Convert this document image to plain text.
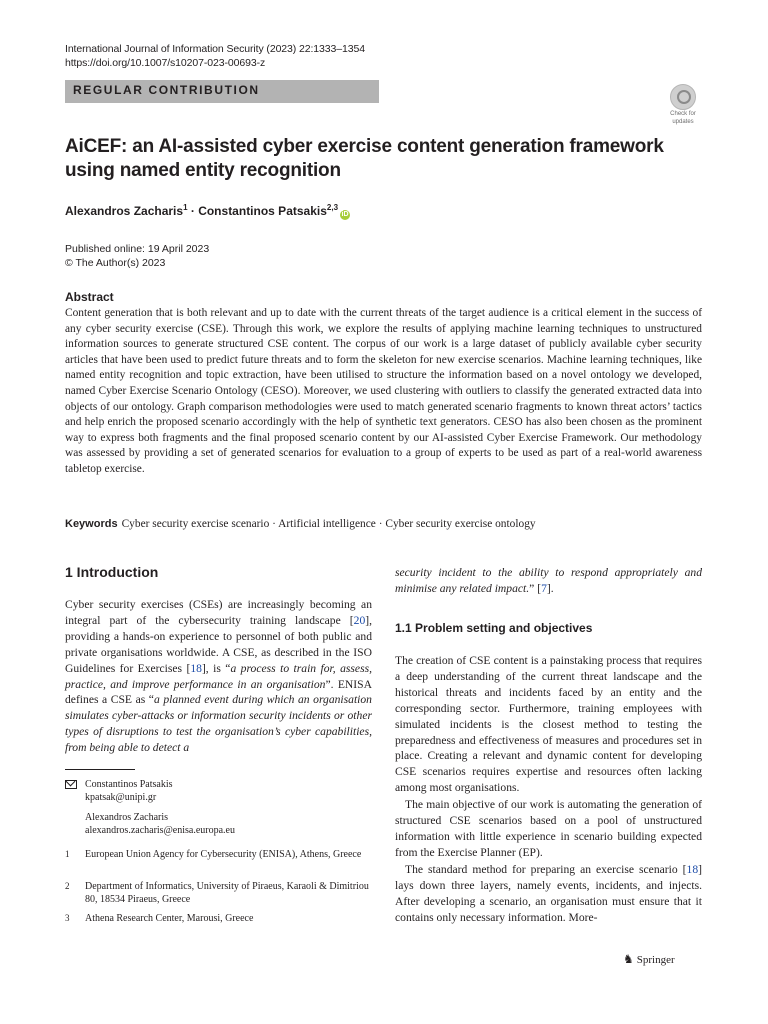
International Journal of Information Security (2023) 22:1333–1354
https://doi.org/10.1007/s10207-023-00693-z
REGULAR CONTRIBUTION
Check for
updates
AiCEF: an AI-assisted cyber exercise content generation framework using named entity recognition
Alexandros Zacharis$^1$ · Constantinos Patsakis$^{2,3}$iD
Published online: 19 April 2023
© The Author(s) 2023
Abstract
Content generation that is both relevant and up to date with the current threats of the target audience is a critical element in the success of any cyber security exercise (CSE). Through this work, we explore the results of applying machine learning techniques to unstructured information sources to generate structured CSE content. The corpus of our work is a large dataset of publicly available cyber security articles that have been used to predict future threats and to form the skeleton for new exercise scenarios. Machine learning techniques, like named entity recognition and topic extraction, have been utilised to structure the information based on a novel ontology we developed, named Cyber Exercise Scenario Ontology (CESO). Moreover, we used clustering with outliers to classify the generated extracted data into objects of our ontology. Graph comparison methodologies were used to match generated scenario fragments to known threat actors’ tactics and help enrich the proposed scenario accordingly with the help of synthetic text generators. CESO has also been chosen as the prominent way to express both fragments and the final proposed scenario content by our AI-assisted Cyber Exercise Framework. Our methodology was assessed by providing a set of generated scenarios for evaluation to a group of experts to be used as part of a real-world awareness tabletop exercise.
Keywords Cyber security exercise scenario · Artificial intelligence · Cyber security exercise ontology
1 Introduction
Cyber security exercises (CSEs) are increasingly becoming an integral part of the cybersecurity training landscape [20], providing a hands-on experience to personnel of both public and private organisations worldwide. A CSE, as described in the ISO Guidelines for Exercises [18], is “a process to train for, assess, practice, and improve performance in an organisation”. ENISA defines a CSE as “a planned event during which an organisation simulates cyber-attacks or information security incidents or other types of disruptions to test the organisation’s cyber capabilities, from being able to detect a
Constantinos Patsakis
kpatsak@unipi.gr
Alexandros Zacharis
alexandros.zacharis@enisa.europa.eu
1 European Union Agency for Cybersecurity (ENISA), Athens, Greece
2 Department of Informatics, University of Piraeus, Karaoli & Dimitriou 80, 18534 Piraeus, Greece
3 Athena Research Center, Marousi, Greece
security incident to the ability to respond appropriately and minimise any related impact.” [7].
1.1 Problem setting and objectives
The creation of CSE content is a painstaking process that requires a deep understanding of the current threat landscape and the historical threats and incidents faced by an entity and the corresponding sector. Furthermore, training employees with simulated incidents is the closest method to testing the preparedness and effectiveness of measures and procedures set in place. Creating a relevant and dynamic content for developing CSE scenarios requires expertise and resources often lacking among most organisations.
The main objective of our work is automating the generation of structured CSE scenarios based on a pool of unstructured information with little experience in scenario building expected from the Exercise Planner (EP).
The standard method for preparing an exercise scenario [18] lays down three layers, namely events, incidents, and injects. After developing a scenario, an organisation must ensure that it contains only necessary information. More-
♞ Springer
